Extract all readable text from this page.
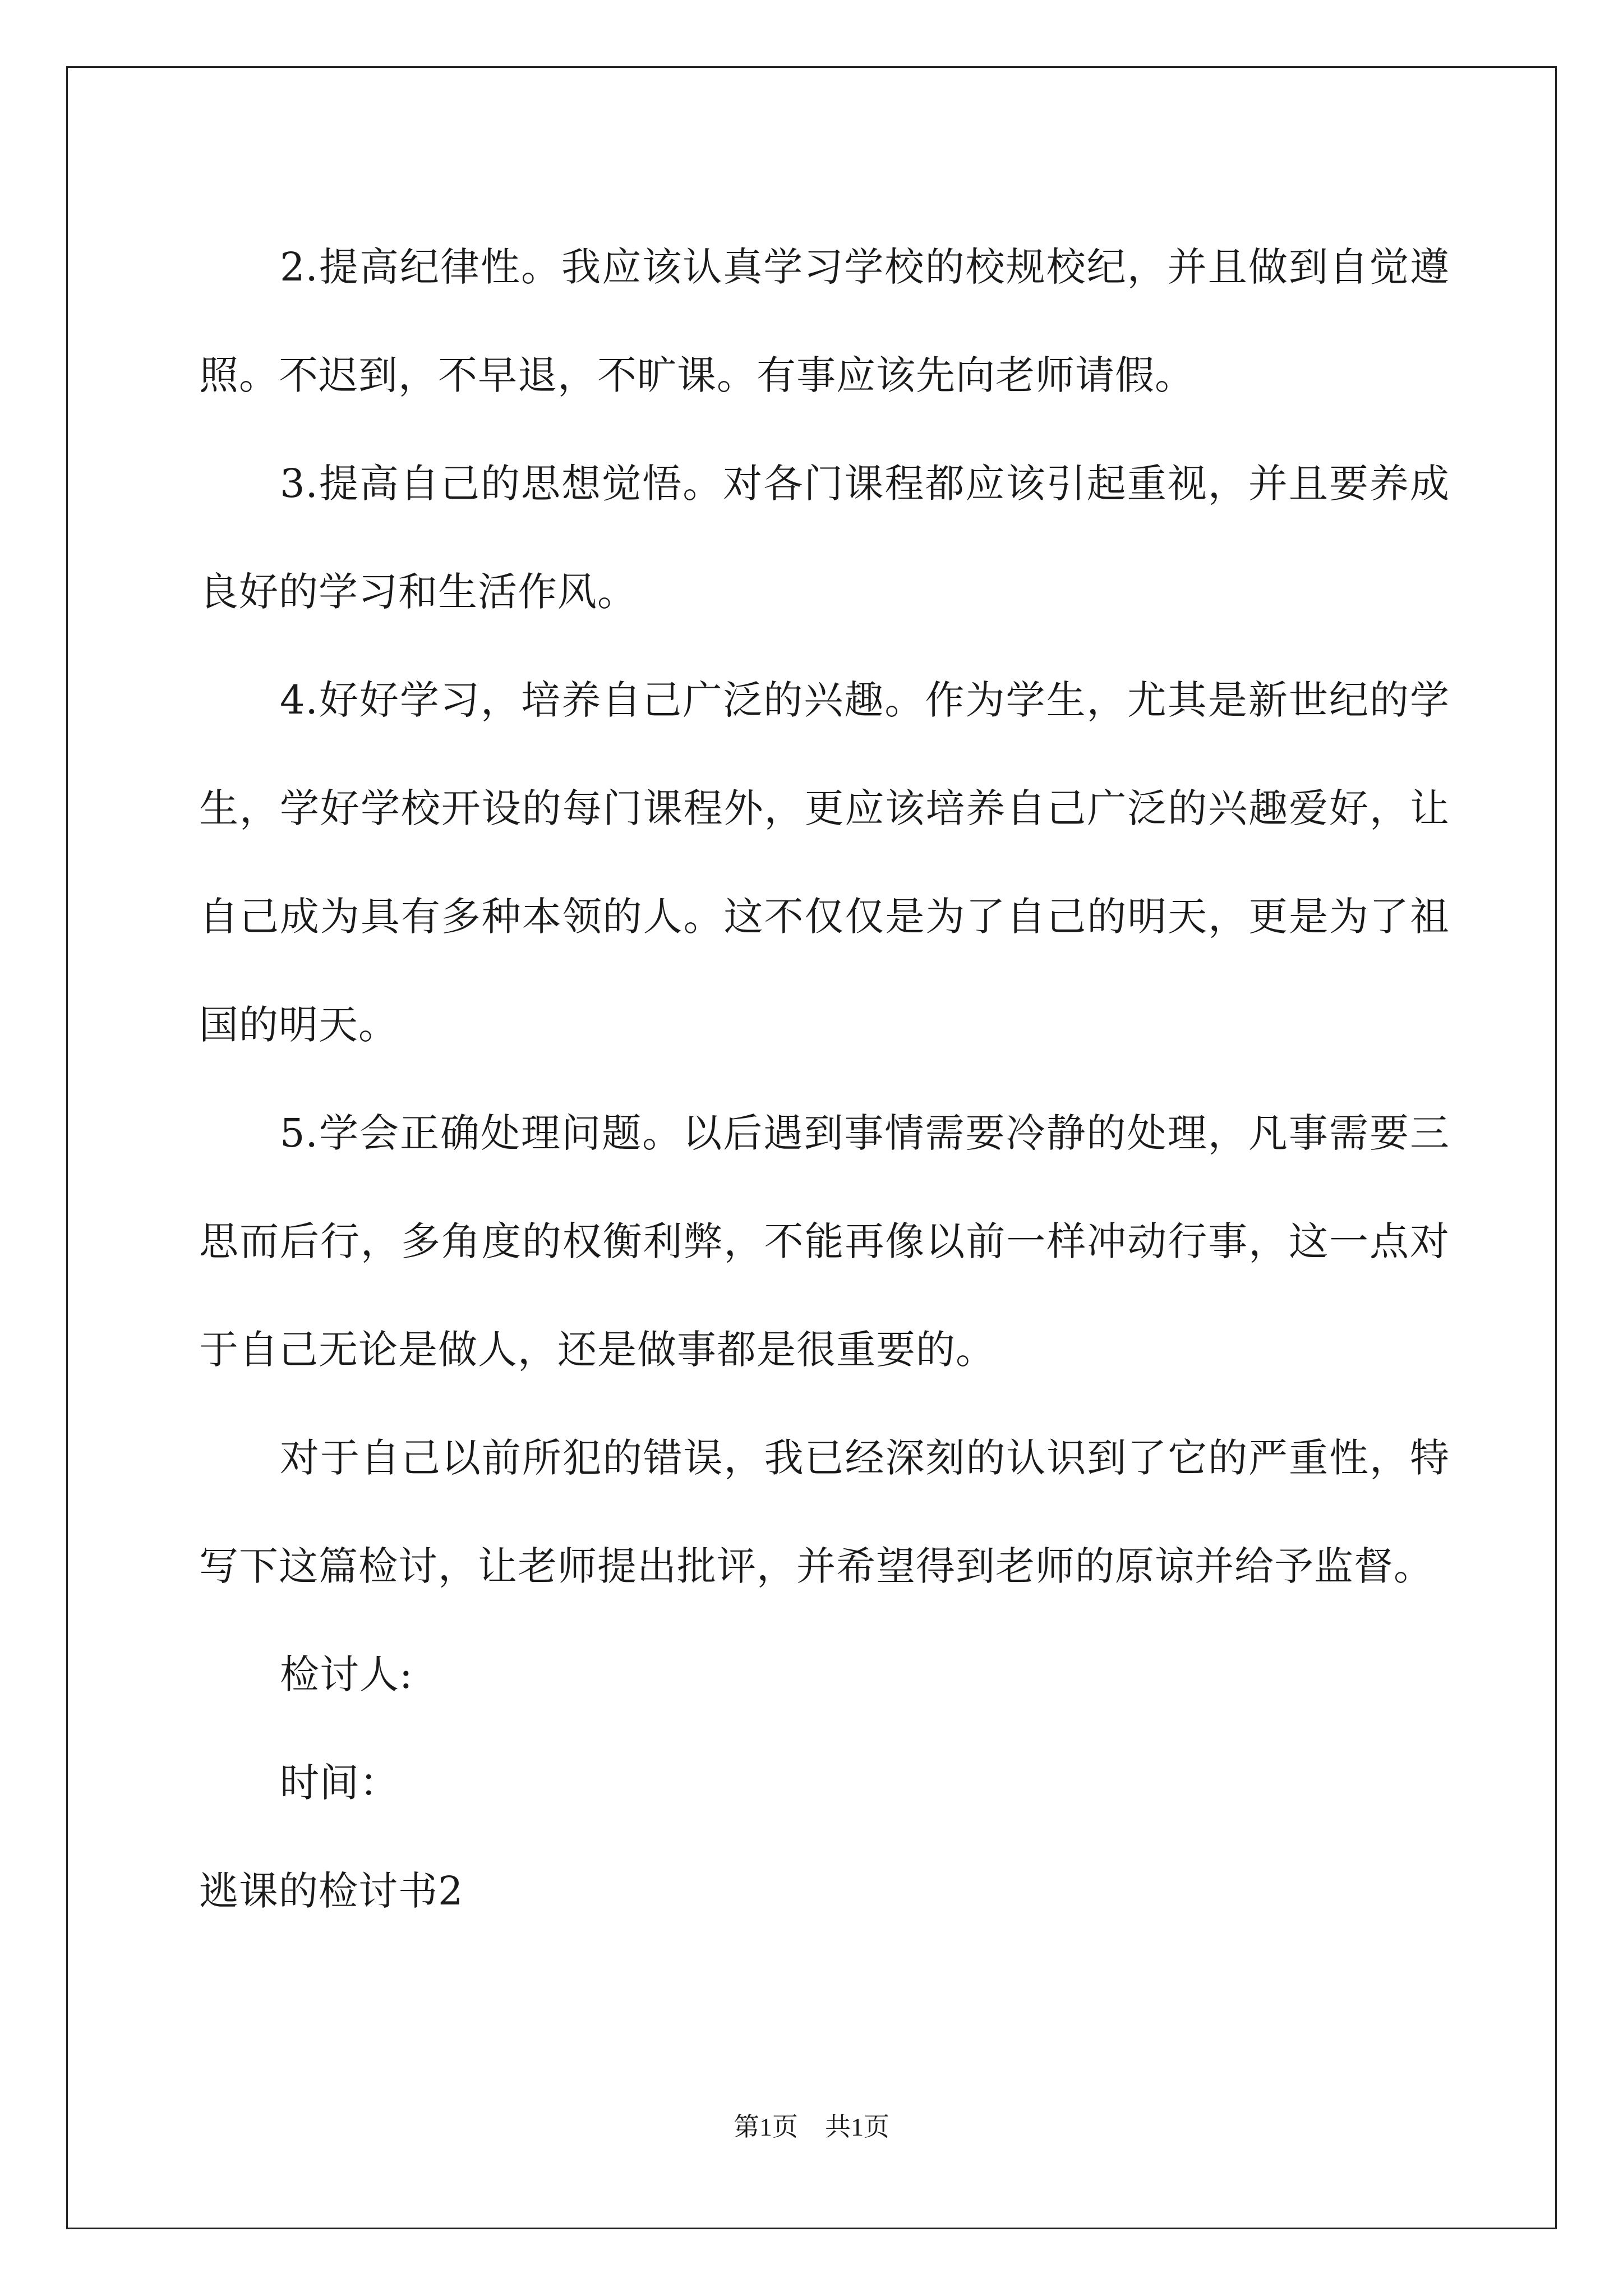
2.提高纪律性。我应该认真学习学校的校规校纪，并且做到自觉遵照。不迟到，不早退，不旷课。有事应该先向老师请假。

3.提高自己的思想觉悟。对各门课程都应该引起重视，并且要养成良好的学习和生活作风。

4.好好学习，培养自己广泛的兴趣。作为学生，尤其是新世纪的学生，学好学校开设的每门课程外，更应该培养自己广泛的兴趣爱好，让自己成为具有多种本领的人。这不仅仅是为了自己的明天，更是为了祖国的明天。

5.学会正确处理问题。以后遇到事情需要冷静的处理，凡事需要三思而后行，多角度的权衡利弊，不能再像以前一样冲动行事，这一点对于自己无论是做人，还是做事都是很重要的。

对于自己以前所犯的错误，我已经深刻的认识到了它的严重性，特写下这篇检讨，让老师提出批评，并希望得到老师的原谅并给予监督。

检讨人:

时间：

逃课的检讨书2

第1页 共1页
